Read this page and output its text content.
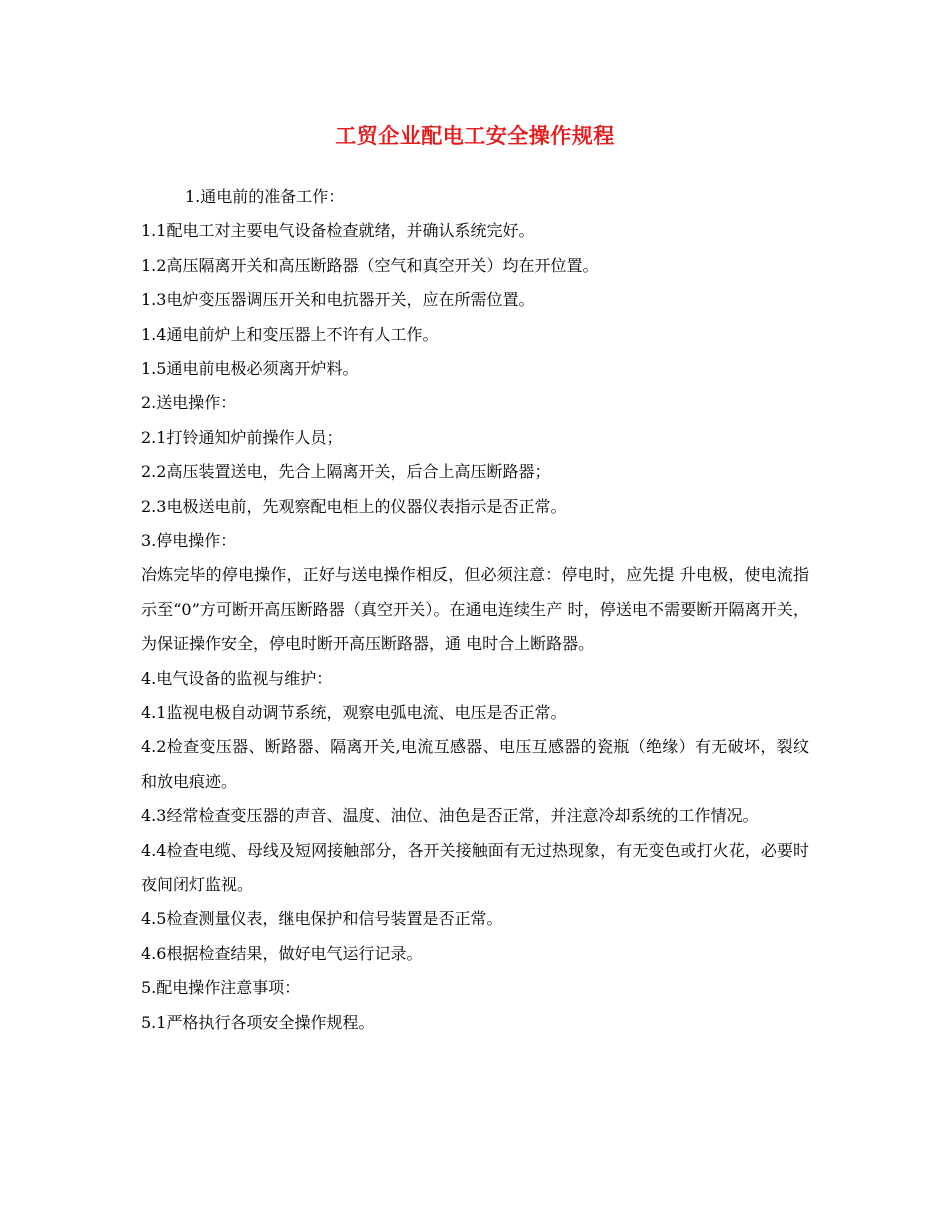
工贸企业配电工安全操作规程
1.通电前的准备工作：
1.1配电工对主要电气设备检查就绪，并确认系统完好。
1.2高压隔离开关和高压断路器（空气和真空开关）均在开位置。
1.3电炉变压器调压开关和电抗器开关，应在所需位置。
1.4通电前炉上和变压器上不许有人工作。
1.5通电前电极必须离开炉料。
2.送电操作：
2.1打铃通知炉前操作人员；
2.2高压装置送电，先合上隔离开关，后合上高压断路器；
2.3电极送电前，先观察配电柜上的仪器仪表指示是否正常。
3.停电操作：

冶炼完毕的停电操作，正好与送电操作相反，但必须注意：停电时，应先提 升电极，使电流指示至“0”方可断开高压断路器（真空开关）。在通电连续生产 时，停送电不需要断开隔离开关，为保证操作安全，停电时断开高压断路器，通 电时合上断路器。

4.电气设备的监视与维护：
4.1监视电极自动调节系统，观察电弧电流、电压是否正常。

4.2检查变压器、断路器、隔离开关,电流互感器、电压互感器的瓷瓶（绝缘）有无破坏，裂纹和放电痕迹。

4.3经常检查变压器的声音、温度、油位、油色是否正常，并注意冷却系统的工作情况。

4.4检查电缆、母线及短网接触部分，各开关接触面有无过热现象，有无变色或打火花，必要时夜间闭灯监视。

4.5检查测量仪表，继电保护和信号装置是否正常。
4.6根据检查结果，做好电气运行记录。
5.配电操作注意事项：
5.1严格执行各项安全操作规程。
